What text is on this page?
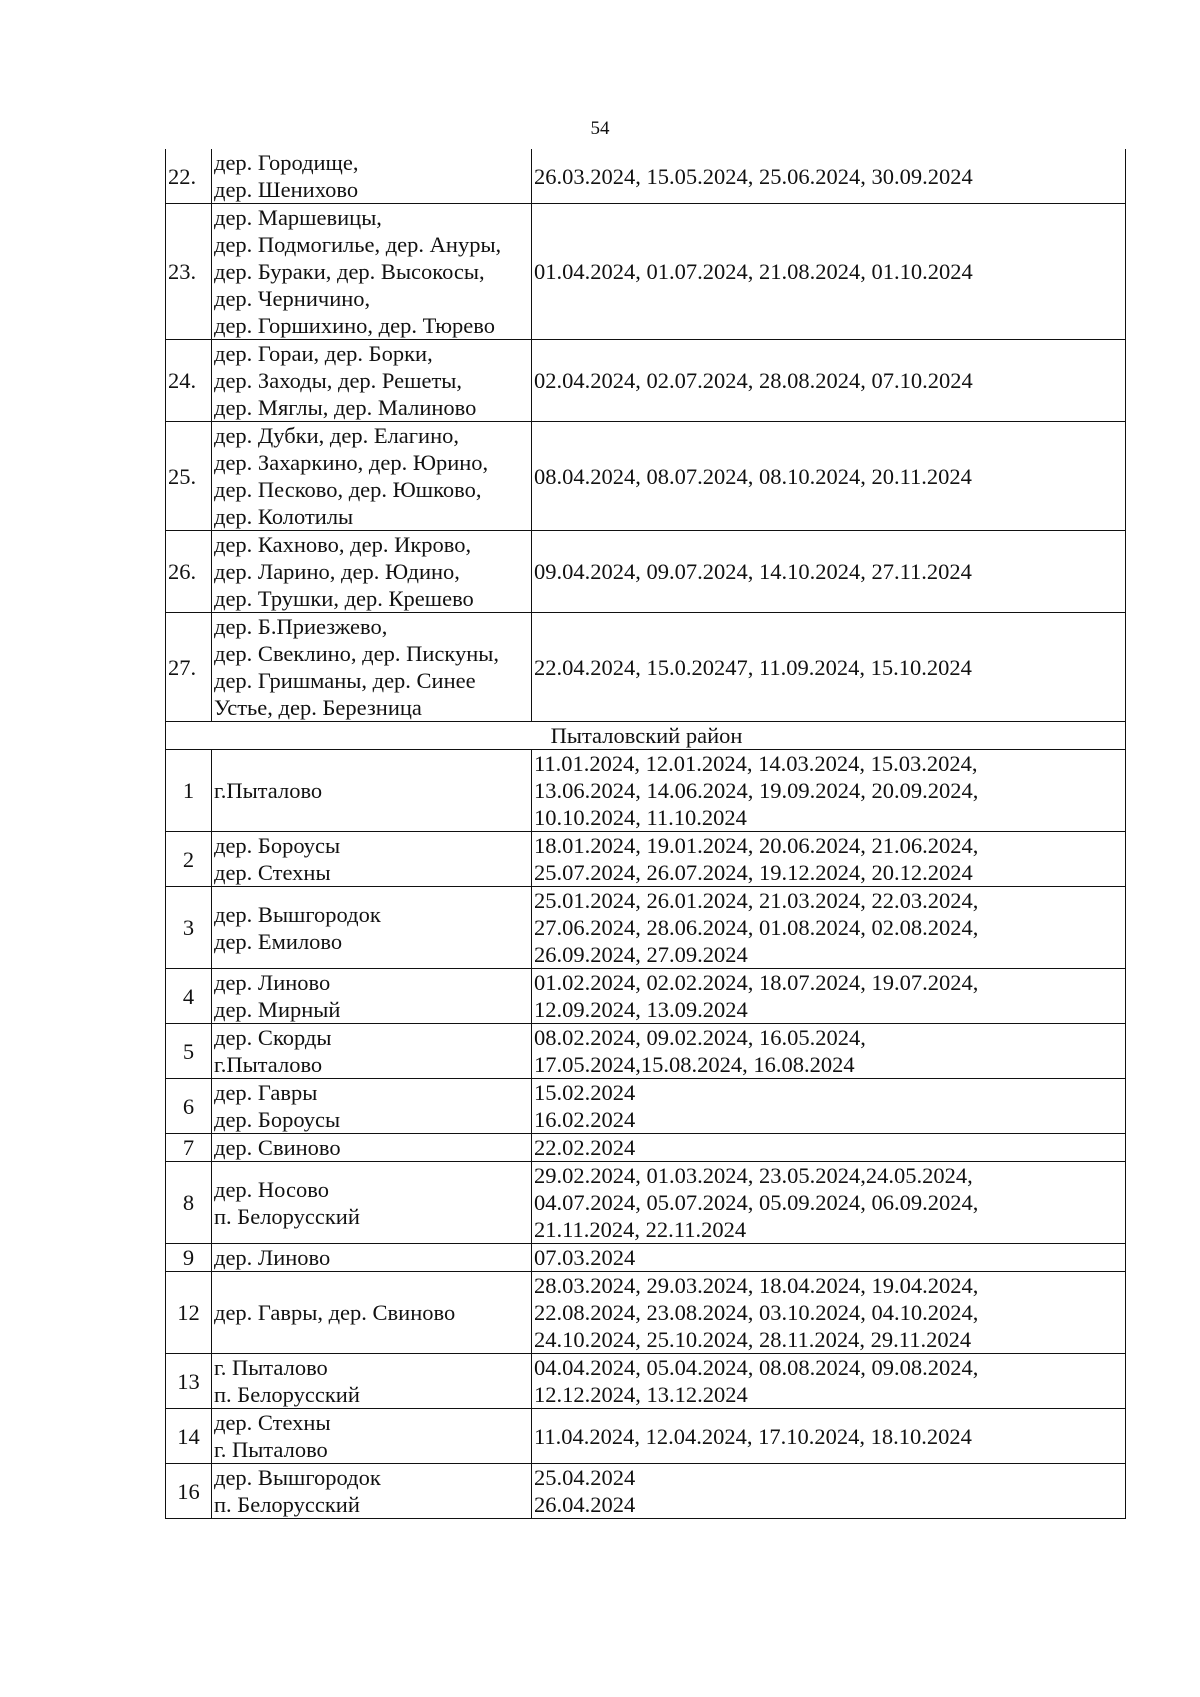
54
22.	дер. Городище,
дер. Шенихово	26.03.2024, 15.05.2024, 25.06.2024, 30.09.2024
23.	дер. Маршевицы,
дер. Подмогилье, дер. Ануры,
дер. Бураки, дер. Высокосы,
дер. Черничино,
дер. Горшихино, дер. Тюрево	01.04.2024, 01.07.2024, 21.08.2024, 01.10.2024
24.	дер. Гораи, дер. Борки,
дер. Заходы, дер. Решеты,
дер. Мяглы, дер. Малиново	02.04.2024, 02.07.2024, 28.08.2024, 07.10.2024
25.	дер. Дубки, дер. Елагино,
дер. Захаркино, дер. Юрино,
дер. Песково, дер. Юшково,
дер. Колотилы	08.04.2024, 08.07.2024, 08.10.2024, 20.11.2024
26.	дер. Кахново, дер. Икрово,
дер. Ларино, дер. Юдино,
дер. Трушки, дер. Крешево	09.04.2024, 09.07.2024, 14.10.2024, 27.11.2024
27.	дер. Б.Приезжево,
дер. Свеклино, дер. Пискуны,
дер. Гришманы, дер. Синее
Устье, дер. Березница	22.04.2024, 15.0.20247, 11.09.2024, 15.10.2024
Пыталовский район		
1	г.Пыталово	11.01.2024, 12.01.2024, 14.03.2024, 15.03.2024,
13.06.2024, 14.06.2024, 19.09.2024, 20.09.2024,
10.10.2024, 11.10.2024
2	дер. Бороусы
дер. Стехны	18.01.2024, 19.01.2024, 20.06.2024, 21.06.2024,
25.07.2024, 26.07.2024, 19.12.2024, 20.12.2024
3	дер. Вышгородок
дер. Емилово	25.01.2024, 26.01.2024, 21.03.2024, 22.03.2024,
27.06.2024, 28.06.2024, 01.08.2024, 02.08.2024,
26.09.2024, 27.09.2024
4	дер. Линово
дер. Мирный	01.02.2024, 02.02.2024, 18.07.2024, 19.07.2024,
12.09.2024, 13.09.2024
5	дер. Скорды
г.Пыталово	08.02.2024, 09.02.2024, 16.05.2024,
17.05.2024,15.08.2024, 16.08.2024
6	дер. Гавры
дер. Бороусы	15.02.2024
16.02.2024
7	дер. Свиново	22.02.2024
8	дер. Носово
п. Белорусский	29.02.2024, 01.03.2024, 23.05.2024,24.05.2024,
04.07.2024, 05.07.2024, 05.09.2024, 06.09.2024,
21.11.2024, 22.11.2024
9	дер. Линово	07.03.2024
12	дер. Гавры, дер. Свиново	28.03.2024, 29.03.2024, 18.04.2024, 19.04.2024,
22.08.2024, 23.08.2024, 03.10.2024, 04.10.2024,
24.10.2024, 25.10.2024, 28.11.2024, 29.11.2024
13	г. Пыталово
п. Белорусский	04.04.2024, 05.04.2024, 08.08.2024, 09.08.2024,
12.12.2024, 13.12.2024
14	дер. Стехны
г. Пыталово	11.04.2024, 12.04.2024, 17.10.2024, 18.10.2024
16	дер. Вышгородок
п. Белорусский	25.04.2024
26.04.2024
